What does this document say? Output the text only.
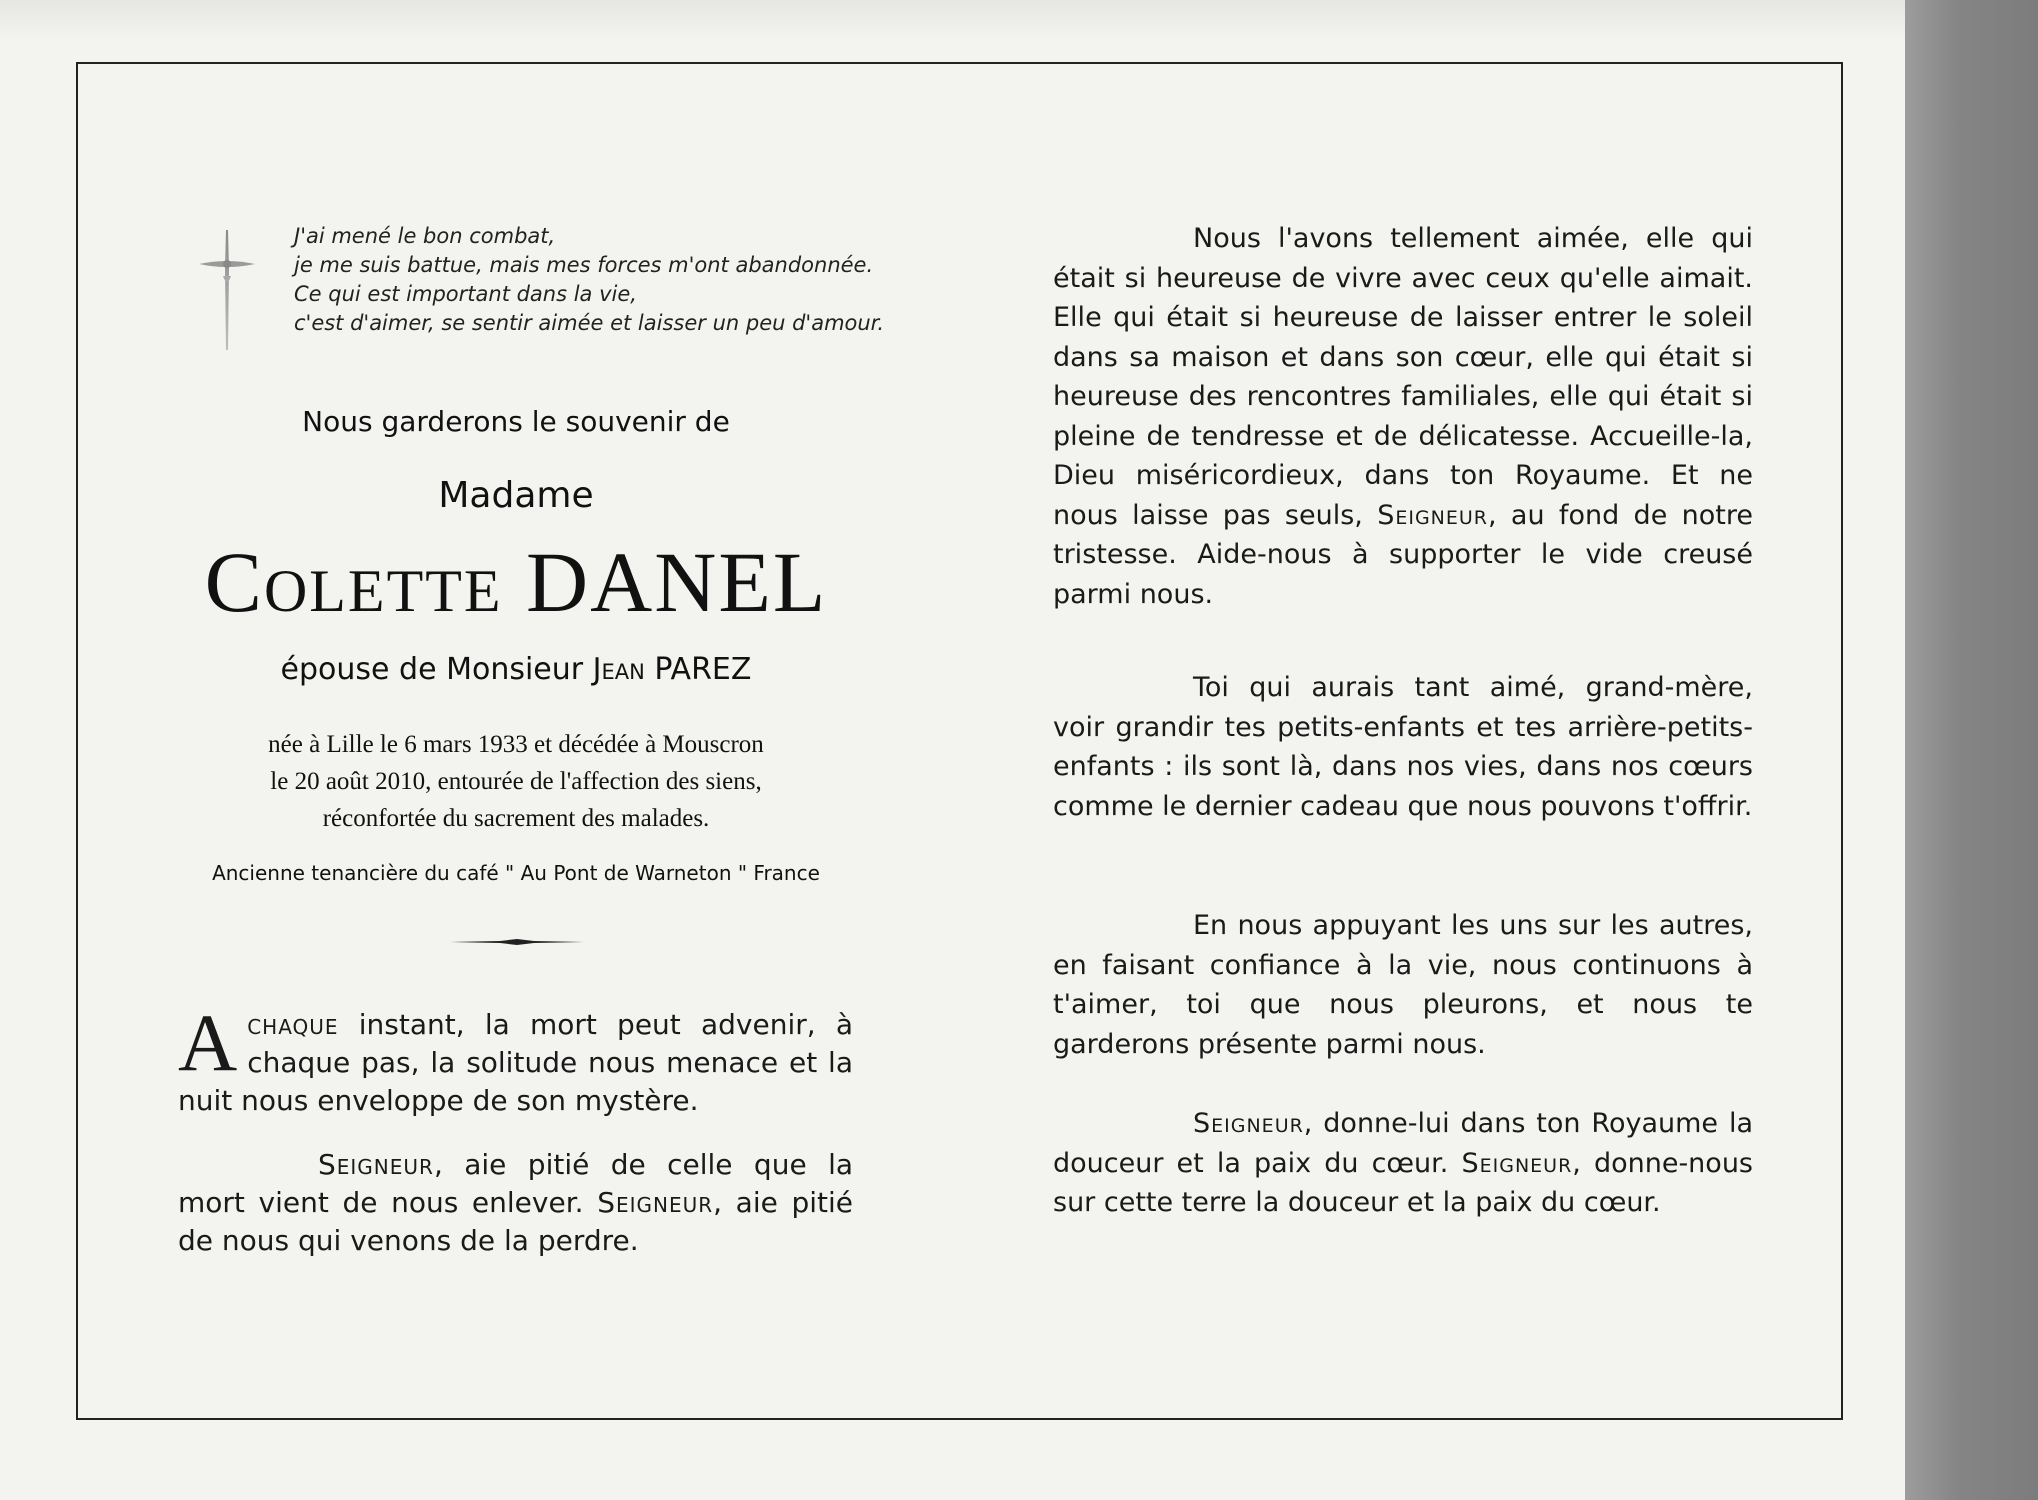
J'ai mené le bon combat,
je me suis battue, mais mes forces m'ont abandonnée.
Ce qui est important dans la vie,
c'est d'aimer, se sentir aimée et laisser un peu d'amour.
Nous garderons le souvenir de
Madame
Colette DANEL
épouse de Monsieur Jean PAREZ
née à Lille le 6 mars 1933 et décédée à Mouscron
le 20 août 2010, entourée de l'affection des siens,
réconfortée du sacrement des malades.
Ancienne tenancière du café " Au Pont de Warneton " France
Achaque instant, la mort peut advenir, à chaque pas, la solitude nous menace et la nuit nous enveloppe de son mystère.
Seigneur, aie pitié de celle que la mort vient de nous enlever. Seigneur, aie pitié de nous qui venons de la perdre.
Nous l'avons tellement aimée, elle qui était si heureuse de vivre avec ceux qu'elle aimait. Elle qui était si heureuse de laisser entrer le soleil dans sa maison et dans son cœur, elle qui était si heureuse des rencontres familiales, elle qui était si pleine de tendresse et de délicatesse. Accueille-la, Dieu miséricordieux, dans ton Royaume. Et ne nous laisse pas seuls, Seigneur, au fond de notre tristesse. Aide-nous à supporter le vide creusé parmi nous.
Toi qui aurais tant aimé, grand-mère, voir grandir tes petits-enfants et tes arrière-petits-enfants : ils sont là, dans nos vies, dans nos cœurs comme le dernier cadeau que nous pouvons t'offrir.
En nous appuyant les uns sur les autres, en faisant confiance à la vie, nous continuons à t'aimer, toi que nous pleurons, et nous te garderons présente parmi nous.
Seigneur, donne-lui dans ton Royaume la douceur et la paix du cœur. Seigneur, donne-nous sur cette terre la douceur et la paix du cœur.
